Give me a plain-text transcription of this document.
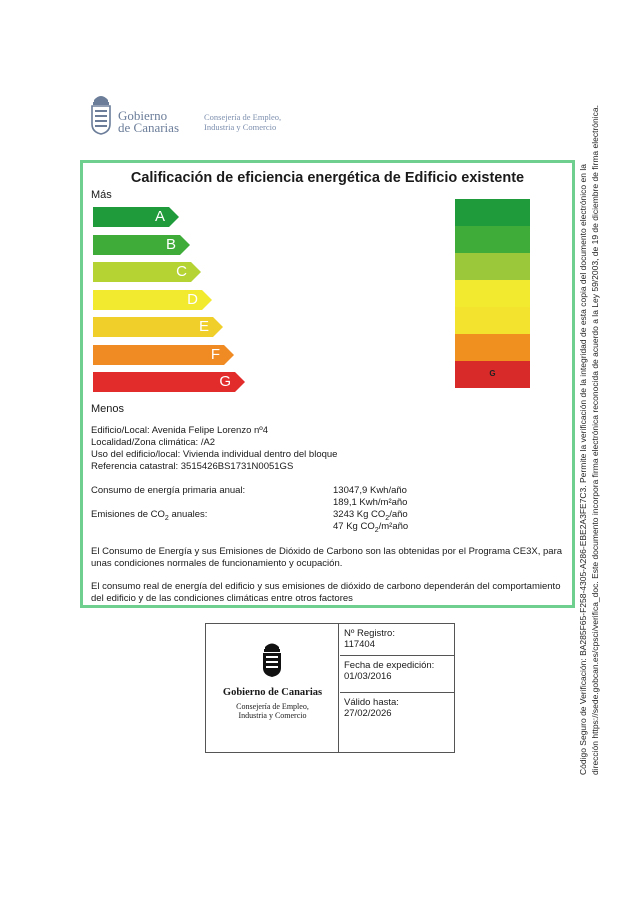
Gobierno
de Canarias
Consejería de Empleo,
Industria y Comercio
Código Seguro de Verificación: BA285F65-F258-4305-A286-EBE2A3FE7C3. Permite la verificación de la integridad de esta copia del documento electrónico en la dirección https://sede.gobcan.es/cpsci/verifica_doc. Este documento incorpora firma electrónica reconocida de acuerdo a la Ley 59/2003, de 19 de diciembre de firma electrónica.
Calificación de eficiencia energética de Edificio existente
Más
A
B
C
D
E
F
G	G
Menos
Edificio/Local: Avenida Felipe Lorenzo nº4
Localidad/Zona climática: /A2
Uso del edificio/local: Vivienda individual dentro del bloque
Referencia catastral: 3515426BS1731N0051GS
Consumo de energía primaria anual:	13047,9 Kwh/año
189,1 Kwh/m²año
Emisiones de $CO_2$ anuales:	3243 Kg $CO_2$/año
47 Kg $CO_2$/m²año
El Consumo de Energía y sus Emisiones de Dióxido de Carbono son las obtenidas por el Programa CE3X, para unas condiciones normales de funcionamiento y ocupación.
El consumo real de energía del edificio y sus emisiones de dióxido de carbono dependerán del comportamiento del edificio y de las condiciones climáticas entre otros factores
Gobierno de Canarias
Consejería de Empleo,
Industria y Comercio
Nº Registro:
117404
Fecha de expedición:
01/03/2016
Válido hasta:
27/02/2026
